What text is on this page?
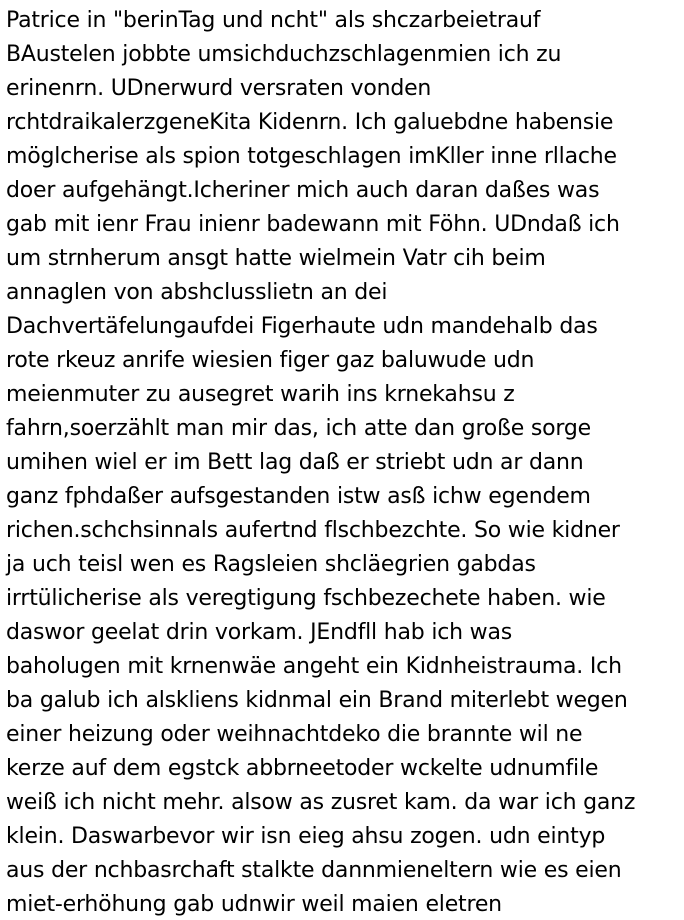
Patrice in "berinTag und ncht" als shczarbeietrauf
BAustelen jobbte umsichduchzschlagenmien ich zu
erinenrn. UDnerwurd versraten vonden
rchtdraikalerzgeneKita Kidenrn. Ich galuebdne habensie
möglcherise als spion totgeschlagen imKller inne rllache
doer aufgehängt.Icheriner mich auch daran daßes was
gab mit ienr Frau inienr badewann mit Föhn. UDndaß ich
um strnherum ansgt hatte wielmein Vatr cih beim
annaglen von abshclusslietn an dei
Dachvertäfelungaufdei Figerhaute udn mandehalb das
rote rkeuz anrife wiesien figer gaz baluwude udn
meienmuter zu ausegret warih ins krnekahsu z
fahrn,soerzählt man mir das, ich atte dan große sorge
umihen wiel er im Bett lag daß er striebt udn ar dann
ganz fphdaßer aufsgestanden istw asß ichw egendem
richen.schchsinnals aufertnd flschbezchte. So wie kidner
ja uch teisl wen es Ragsleien shcläegrien gabdas
irrtülicherise als veregtigung fschbezechete haben. wie
daswor geelat drin vorkam. JEndfll hab ich was
baholugen mit krnenwäe angeht ein Kidnheistrauma. Ich
ba galub ich alskliens kidnmal ein Brand miterlebt wegen
einer heizung oder weihnachtdeko die brannte wil ne
kerze auf dem egstck abbrneetoder wckelte udnumfile
weiß ich nicht mehr. alsow as zusret kam. da war ich ganz
klein. Daswarbevor wir isn eieg ahsu zogen. udn eintyp
aus der nchbasrchaft stalkte dannmieneltern wie es eien
miet-erhöhung gab udnwir weil maien eletren
